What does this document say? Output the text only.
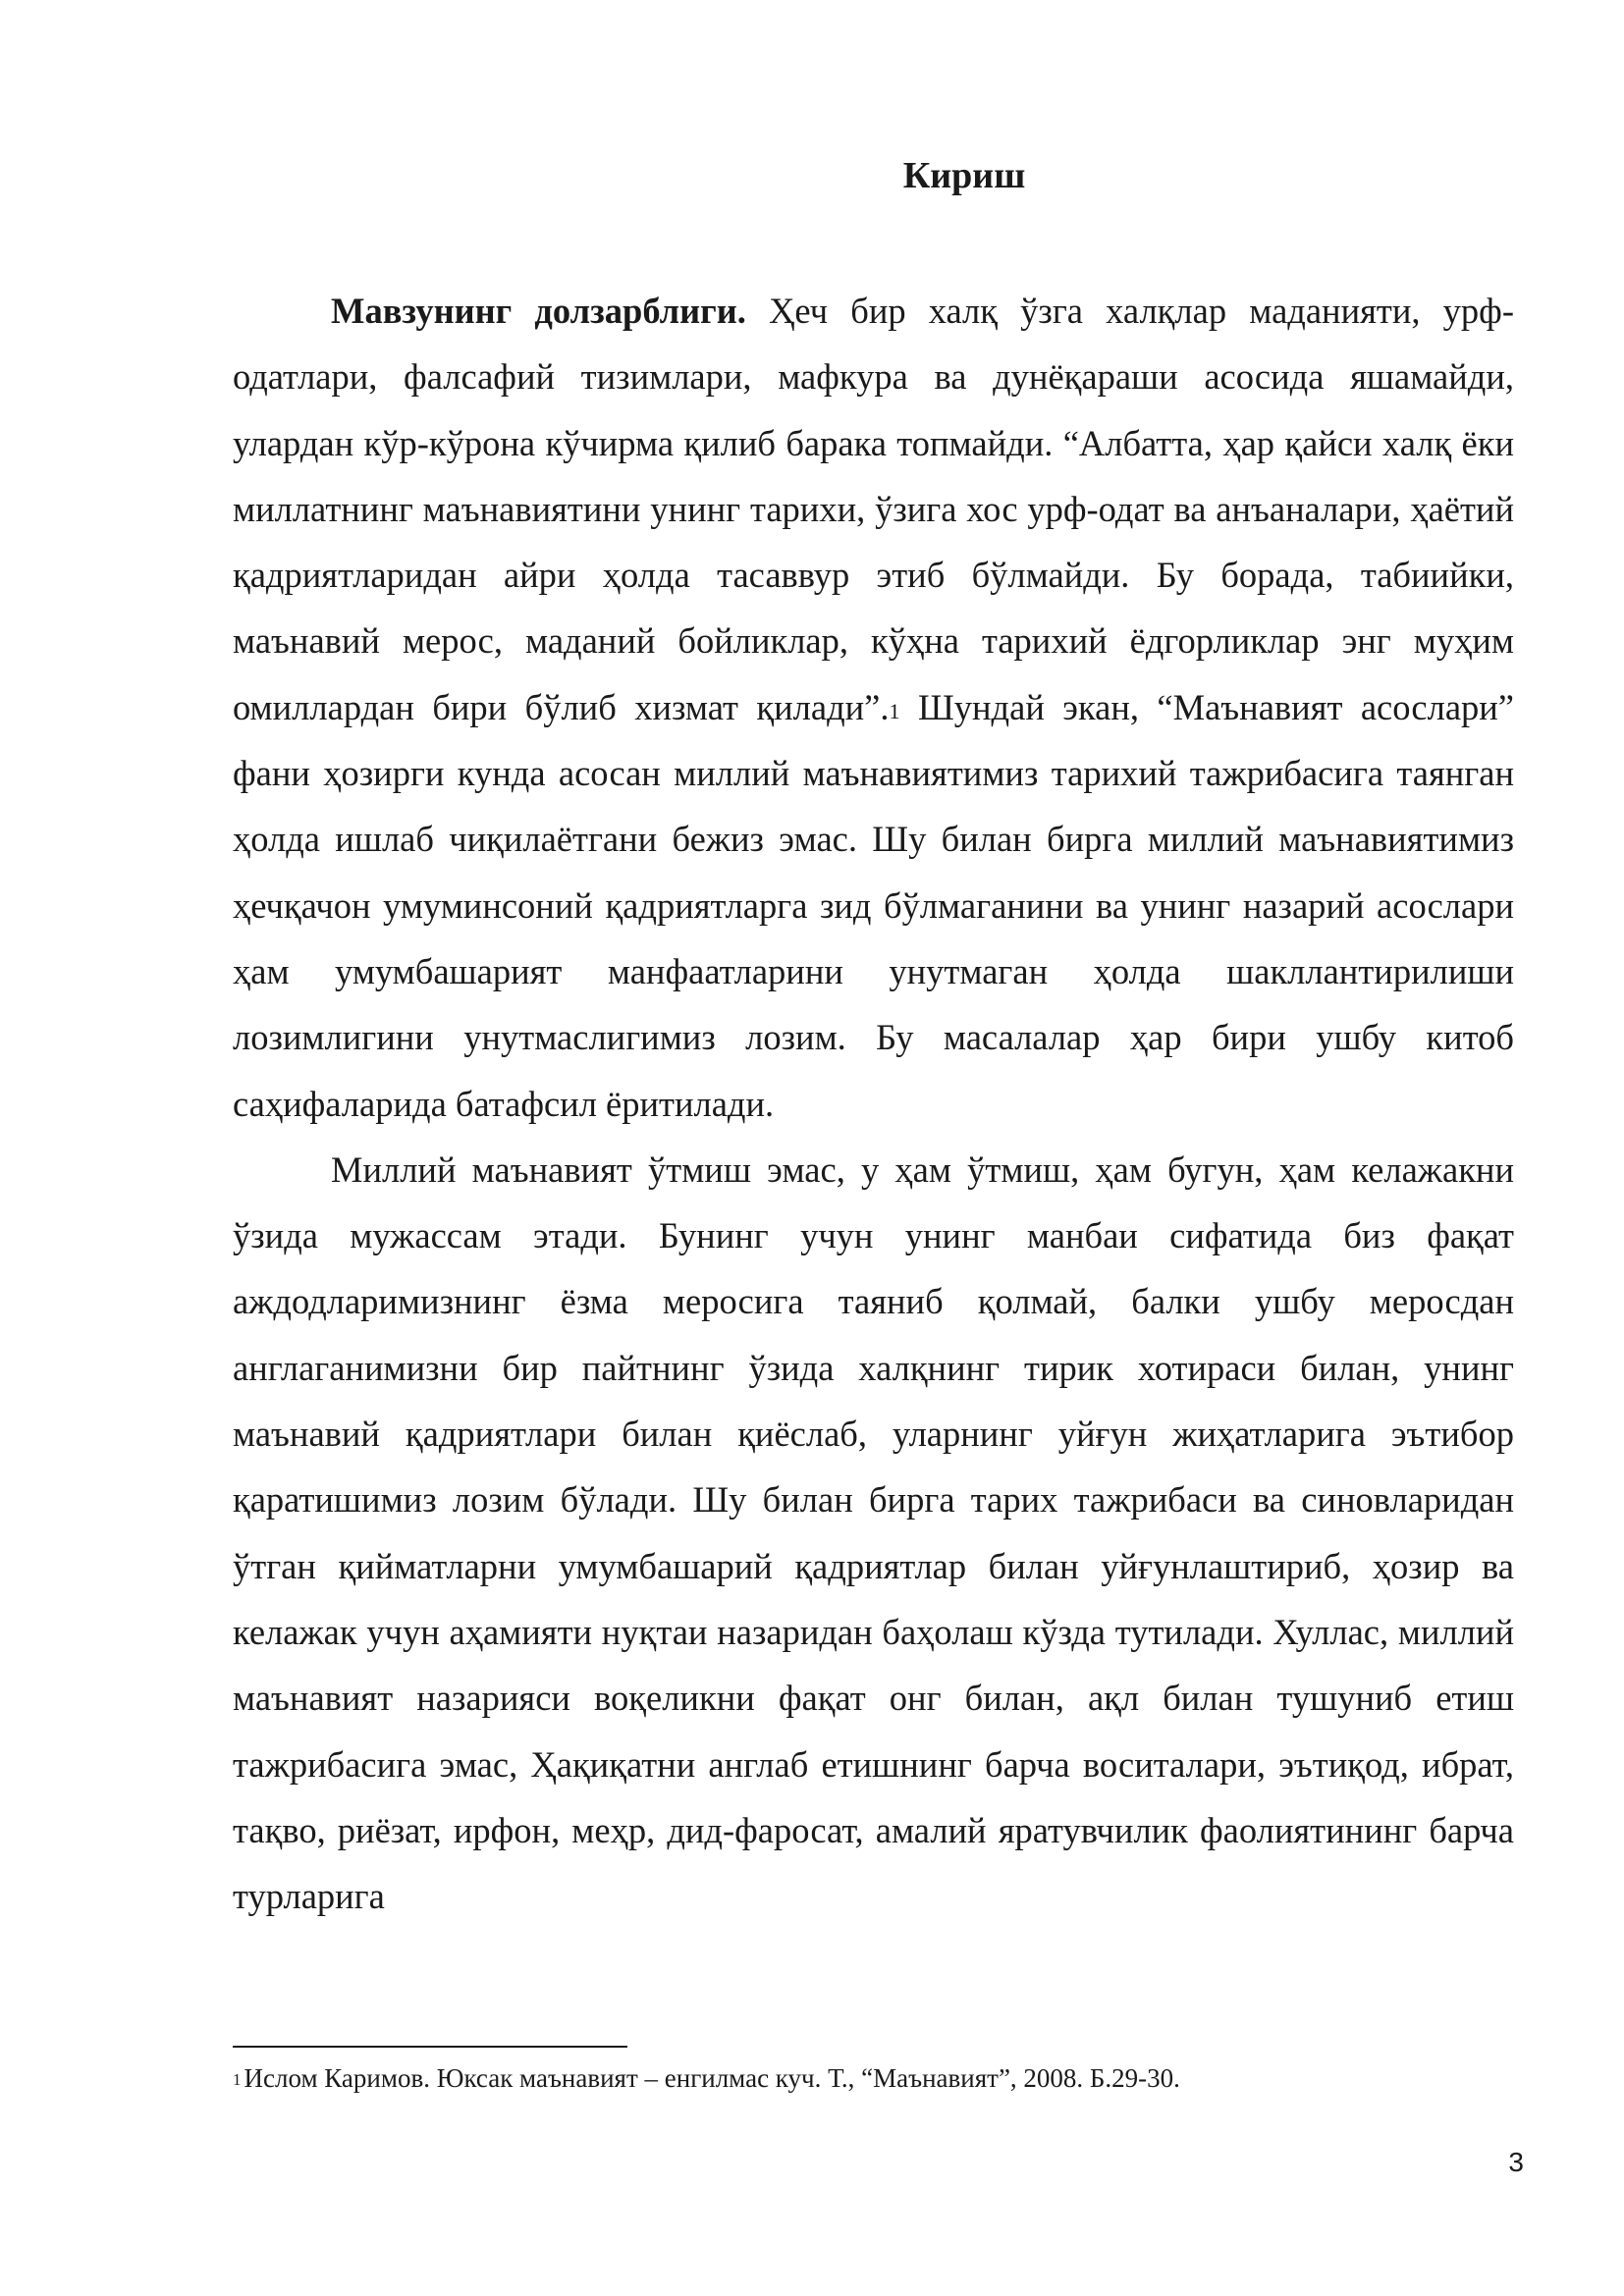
Кириш

Мавзунинг долзарблиги. Ҳеч бир халқ ўзга халқлар маданияти, урф-одатлари, фалсафий тизимлари, мафкура ва дунёқараши асосида яшамайди, улардан кўр-кўрона кўчирма қилиб барака топмайди. “Албатта, ҳар қайси халқ ёки миллатнинг маънавиятини унинг тарихи, ўзига хос урф-одат ва анъаналари, ҳаётий қадриятларидан айри ҳолда тасаввур этиб бўлмайди. Бу борада, табиийки, маънавий мерос, маданий бойликлар, кўҳна тарихий ёдгорликлар энг муҳим омиллардан бири бўлиб хизмат қилади”.$^1$ Шундай экан, “Маънавият асослари” фани ҳозирги кунда асосан миллий маънавиятимиз тарихий тажрибасига таянган ҳолда ишлаб чиқилаётгани бежиз эмас. Шу билан бирга миллий маънавиятимиз ҳечқачон умуминсоний қадриятларга зид бўлмаганини ва унинг назарий асослари ҳам умумбашарият манфаатларини унутмаган ҳолда шакллантирилиши лозимлигини унутмаслигимиз лозим. Бу масалалар ҳар бири ушбу китоб саҳифаларида батафсил ёритилади.

Миллий маънавият ўтмиш эмас, у ҳам ўтмиш, ҳам бугун, ҳам келажакни ўзида мужассам этади. Бунинг учун унинг манбаи сифатида биз фақат аждодларимизнинг ёзма меросига таяниб қолмай, балки ушбу меросдан англаганимизни бир пайтнинг ўзида халқнинг тирик хотираси билан, унинг маънавий қадриятлари билан қиёслаб, уларнинг уйғун жиҳатларига эътибор қаратишимиз лозим бўлади. Шу билан бирга тарих тажрибаси ва синовларидан ўтган қийматларни умумбашарий қадриятлар билан уйғунлаштириб, ҳозир ва келажак учун аҳамияти нуқтаи назаридан баҳолаш кўзда тутилади. Хуллас, миллий маънавият назарияси воқеликни фақат онг билан, ақл билан тушуниб етиш тажрибасига эмас, Ҳақиқатни англаб етишнинг барча воситалари, эътиқод, ибрат, тақво, риёзат, ирфон, меҳр, дид-фаросат, амалий яратувчилик фаолиятининг барча турларига

$^1$ Ислом Каримов. Юксак маънавият – енгилмас куч. Т., “Маънавият”, 2008. Б.29-30.
3
